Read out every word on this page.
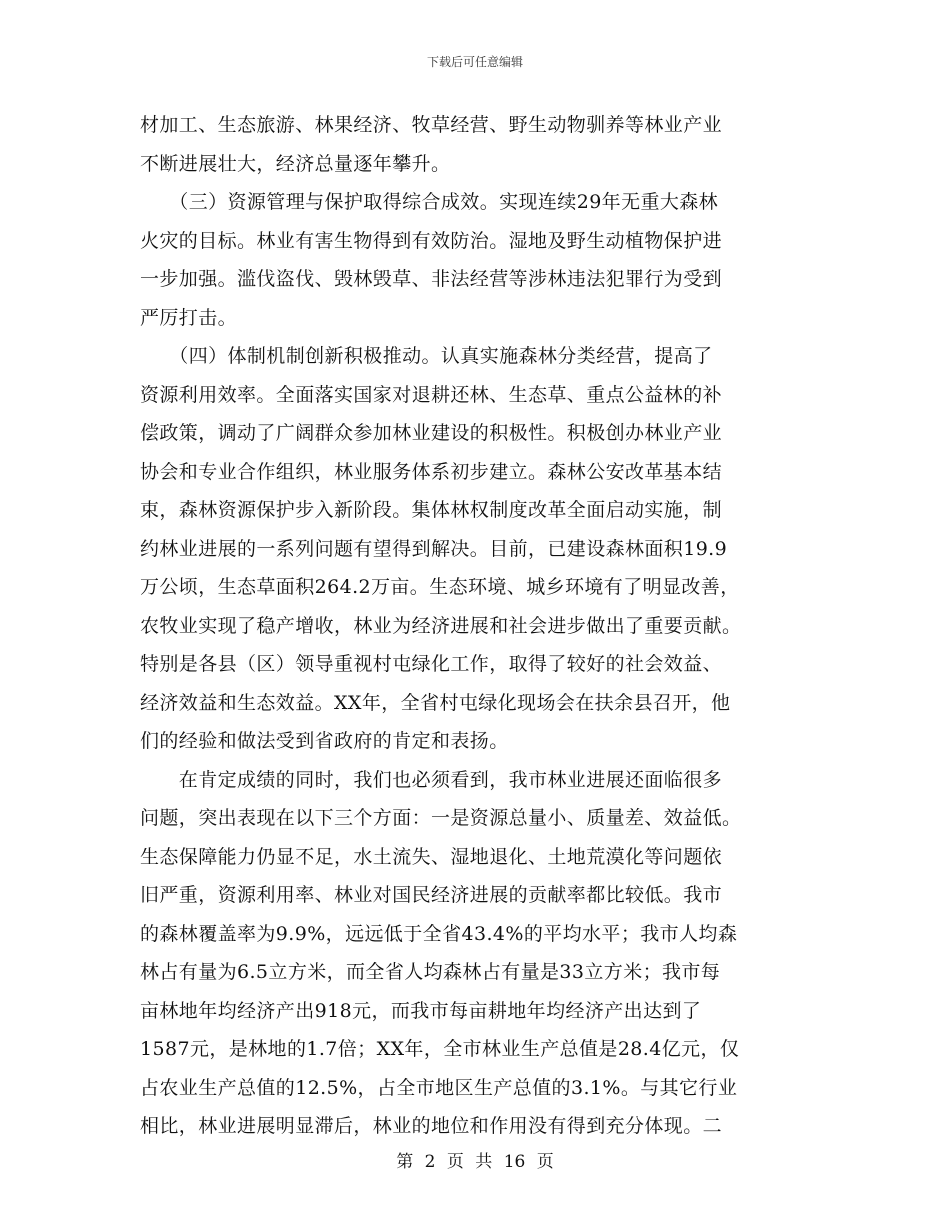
下载后可任意编辑
材加工、生态旅游、林果经济、牧草经营、野生动物驯养等林业产业
不断进展壮大，经济总量逐年攀升。
　　（三）资源管理与保护取得综合成效。实现连续29年无重大森林
火灾的目标。林业有害生物得到有效防治。湿地及野生动植物保护进
一步加强。滥伐盗伐、毁林毁草、非法经营等涉林违法犯罪行为受到
严厉打击。
　　（四）体制机制创新积极推动。认真实施森林分类经营，提高了
资源利用效率。全面落实国家对退耕还林、生态草、重点公益林的补
偿政策，调动了广阔群众参加林业建设的积极性。积极创办林业产业
协会和专业合作组织，林业服务体系初步建立。森林公安改革基本结
束，森林资源保护步入新阶段。集体林权制度改革全面启动实施，制
约林业进展的一系列问题有望得到解决。目前，已建设森林面积19.9
万公顷，生态草面积264.2万亩。生态环境、城乡环境有了明显改善，
农牧业实现了稳产增收，林业为经济进展和社会进步做出了重要贡献。
特别是各县（区）领导重视村屯绿化工作，取得了较好的社会效益、
经济效益和生态效益。XX年，全省村屯绿化现场会在扶余县召开，他
们的经验和做法受到省政府的肯定和表扬。
　　在肯定成绩的同时，我们也必须看到，我市林业进展还面临很多
问题，突出表现在以下三个方面：一是资源总量小、质量差、效益低。
生态保障能力仍显不足，水土流失、湿地退化、土地荒漠化等问题依
旧严重，资源利用率、林业对国民经济进展的贡献率都比较低。我市
的森林覆盖率为9.9%，远远低于全省43.4%的平均水平；我市人均森
林占有量为6.5立方米，而全省人均森林占有量是33立方米；我市每
亩林地年均经济产出918元，而我市每亩耕地年均经济产出达到了
1587元，是林地的1.7倍；XX年，全市林业生产总值是28.4亿元，仅
占农业生产总值的12.5%，占全市地区生产总值的3.1%。与其它行业
相比，林业进展明显滞后，林业的地位和作用没有得到充分体现。二
第 2 页 共 16 页
